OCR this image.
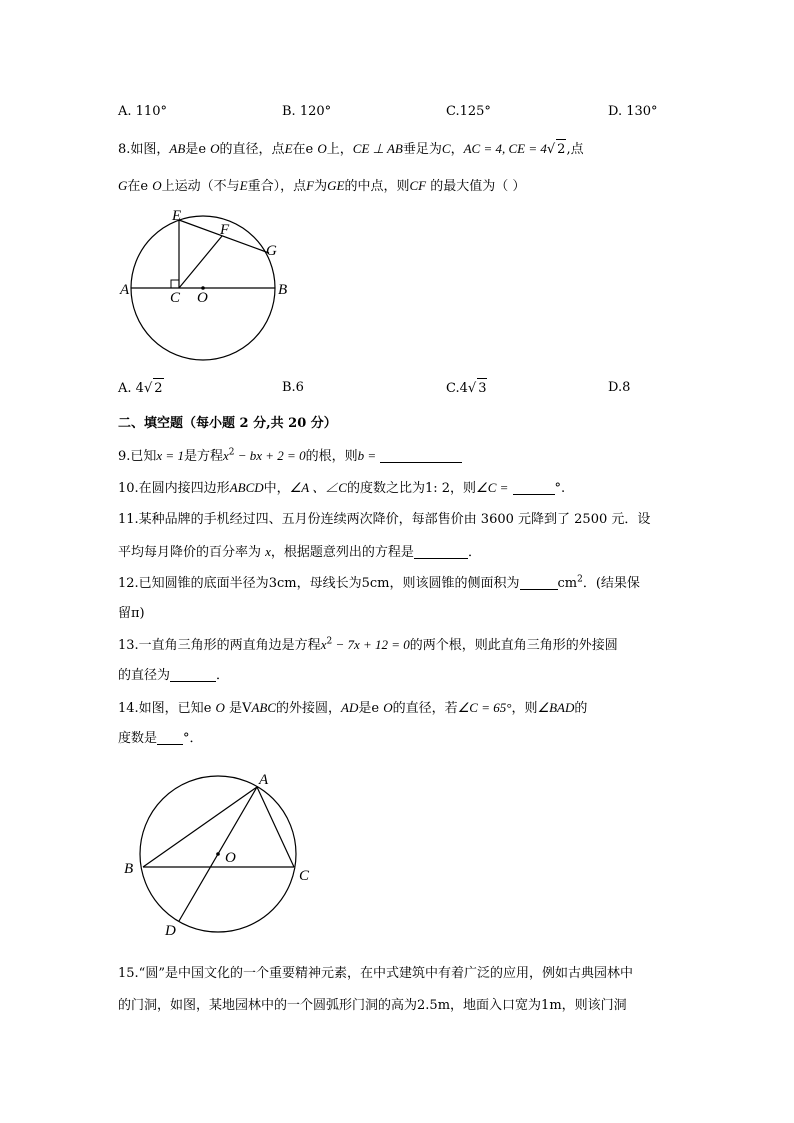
A. 110°	B. 120°	C.125°	D. 130°
8.如图，AB是e O的直径，点E在e O上，CE ⊥ AB垂足为C，AC = 4, CE = 4√ 2,点
G在e O上运动（不与E重合），点F为GE的中点，则CF 的最大值为（ ）
E
F
G
A	C O	B
A. 4√ 2	B.6	C.4√ 3	D.8
二、填空题（每小题 2 分,共 20 分）
9.已知x = 1是方程$x^2$ − bx + 2 = 0的根，则b =
10.在圆内接四边形ABCD中，∠A 、∠C的度数之比为1: 2，则∠C =	°.
11.某种品牌的手机经过四、五月份连续两次降价，每部售价由 3600 元降到了 2500 元．设
平均每月降价的百分率为 x，根据题意列出的方程是	．
12.已知圆锥的底面半径为3cm，母线长为5cm，则该圆锥的侧面积为	$cm^2$．(结果保
留π)
13.一直角三角形的两直角边是方程$x^2 - 7x + 12 = 0$的两个根，则此直角三角形的外接圆
的直径为	．
14.如图，已知e O 是VABC的外接圆，AD是e O的直径，若∠C = 65°，则∠BAD的
度数是 °．
A
B	C
O
D
15.“圆”是中国文化的一个重要精神元素，在中式建筑中有着广泛的应用，例如古典园林中
的门洞，如图，某地园林中的一个圆弧形门洞的高为2.5m，地面入口宽为1m，则该门洞
